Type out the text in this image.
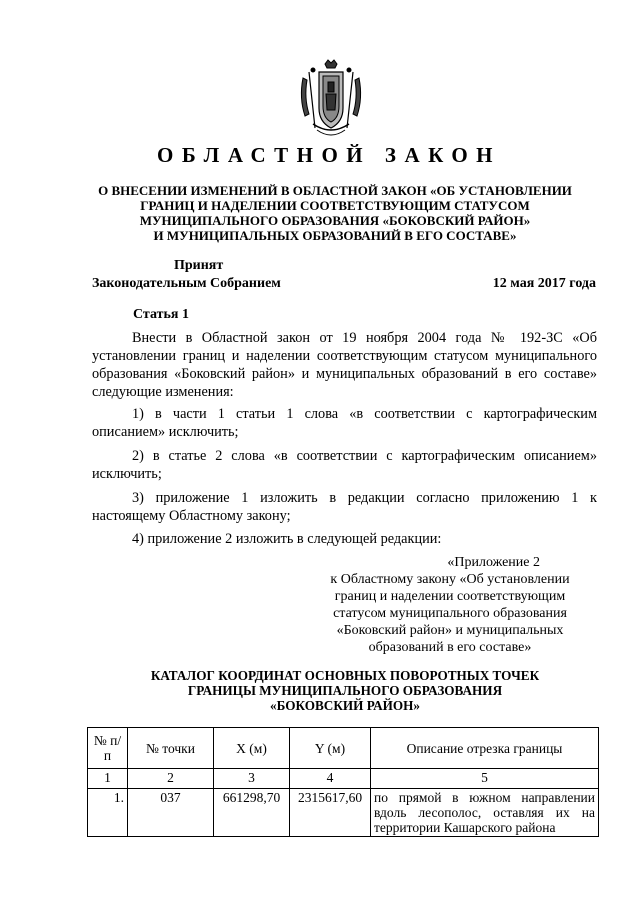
ОБЛАСТНОЙ ЗАКОН
О ВНЕСЕНИИ ИЗМЕНЕНИЙ В ОБЛАСТНОЙ ЗАКОН «ОБ УСТАНОВЛЕНИИ
ГРАНИЦ И НАДЕЛЕНИИ СООТВЕТСТВУЮЩИМ СТАТУСОМ
МУНИЦИПАЛЬНОГО ОБРАЗОВАНИЯ «БОКОВСКИЙ РАЙОН»
И МУНИЦИПАЛЬНЫХ ОБРАЗОВАНИЙ В ЕГО СОСТАВЕ»
Принят
Законодательным Собранием	12 мая 2017 года
Статья 1
Внести в Областной закон от 19 ноября 2004 года № 192-ЗС «Об установлении границ и наделении соответствующим статусом муниципального образования «Боковский район» и муниципальных образований в его составе» следующие изменения:
1) в части 1 статьи 1 слова «в соответствии с картографическим описанием» исключить;
2) в статье 2 слова «в соответствии с картографическим описанием» исключить;
3) приложение 1 изложить в редакции согласно приложению 1 к настоящему Областному закону;
4) приложение 2 изложить в следующей редакции:
«Приложение 2
к Областному закону «Об установлении границ и наделении соответствующим статусом муниципального образования «Боковский район» и муниципальных образований в его составе»
КАТАЛОГ КООРДИНАТ ОСНОВНЫХ ПОВОРОТНЫХ ТОЧЕК
ГРАНИЦЫ МУНИЦИПАЛЬНОГО ОБРАЗОВАНИЯ
«БОКОВСКИЙ РАЙОН»
№ п/п	№ точки	X (м)	Y (м)	Описание отрезка границы
1	2	3	4	5
1.	037	661298,70	2315617,60	по прямой в южном направлении вдоль лесополос, оставляя их на территории Кашарского района
